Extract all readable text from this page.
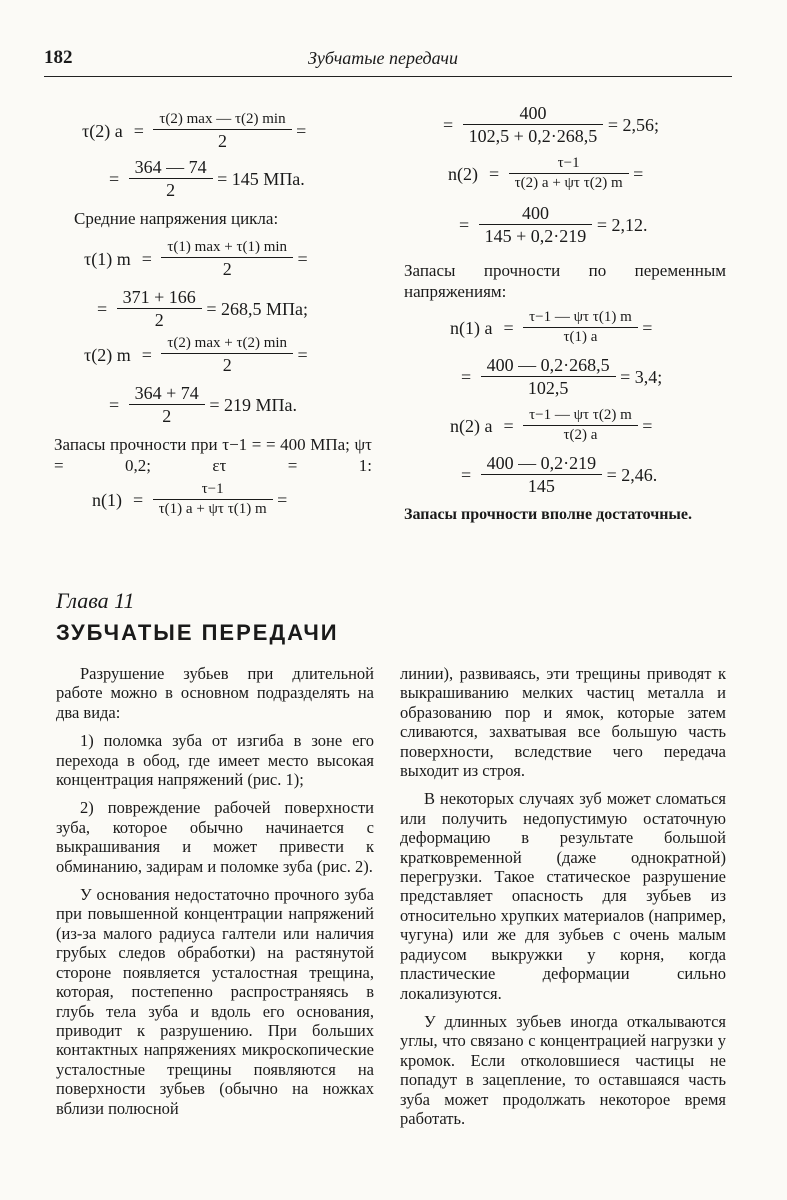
182	Зубчатые передачи
τ(2) $a = \frac{\tau(2) \max — \tau(2) \min}{2}$ =
= $\frac{364 — 74}{2} = 145$ МПа.
Средние напряжения цикла:
τ(1) $m = \frac{\tau(1) \max + \tau(1) \min}{2}$ =
= $\frac{371 + 166}{2} = 268,5$ МПа;
τ(2) $m = \frac{\tau(2) \max + \tau(2) \min}{2}$ =
= $\frac{364 + 74}{2} = 219$ МПа.
Запасы прочности при τ−1 = = 400 МПа; ψτ = 0,2; ετ = 1:
$n(1) = \frac{\tau-1}{\text{τ(1) a + ψτ τ(1) m}}$ =
= $\frac{400}{102,5 + 0,2\cdot 268,5} = 2,56$;
$n(2) = \frac{\tau-1}{\text{τ(2) a + ψτ τ(2) m}}$ =
= $\frac{400}{145 + 0,2\cdot 219} = 2,12$.
Запасы прочности по переменным напряжениям:
n(1) $a = \frac{\text{τ−1 — ψτ τ(1) m}}{\tau(1) a}$ =
= $\frac{400 — 0,2\cdot 268,5}{102,5} = 3,4$;
n(2) $a = \frac{\text{τ−1 — ψτ τ(2) m}}{\tau(2) a}$ =
= $\frac{400 — 0,2\cdot 219}{145} = 2,46$.
Запасы прочности вполне достаточные.
Глава 11
ЗУБЧАТЫЕ ПЕРЕДАЧИ

Разрушение зубьев при длительной работе можно в основном подразделять на два вида:

1) поломка зуба от изгиба в зоне его перехода в обод, где имеет место высокая концентрация напряжений (рис. 1);

2) повреждение рабочей поверхности зуба, которое обычно начинается с выкрашивания и может привести к обминанию, задирам и поломке зуба (рис. 2).

У основания недостаточно прочного зуба при повышенной концентрации напряжений (из-за малого радиуса галтели или наличия грубых следов обработки) на растянутой стороне появляется усталостная трещина, которая, постепенно распространяясь в глубь тела зуба и вдоль его основания, приводит к разрушению. При больших контактных напряжениях микроскопические усталостные трещины появляются на поверхности зубьев (обычно на ножках вблизи полюсной

линии), развиваясь, эти трещины приводят к выкрашиванию мелких частиц металла и образованию пор и ямок, которые затем сливаются, захватывая все большую часть поверхности, вследствие чего передача выходит из строя.

В некоторых случаях зуб может сломаться или получить недопустимую остаточную деформацию в результате большой кратковременной (даже однократной) перегрузки. Такое статическое разрушение представляет опасность для зубьев из относительно хрупких материалов (например, чугуна) или же для зубьев с очень малым радиусом выкружки у корня, когда пластические деформации сильно локализуются.

У длинных зубьев иногда откалываются углы, что связано с концентрацией нагрузки у кромок. Если отколовшиеся частицы не попадут в зацепление, то оставшаяся часть зуба может продолжать некоторое время работать.
